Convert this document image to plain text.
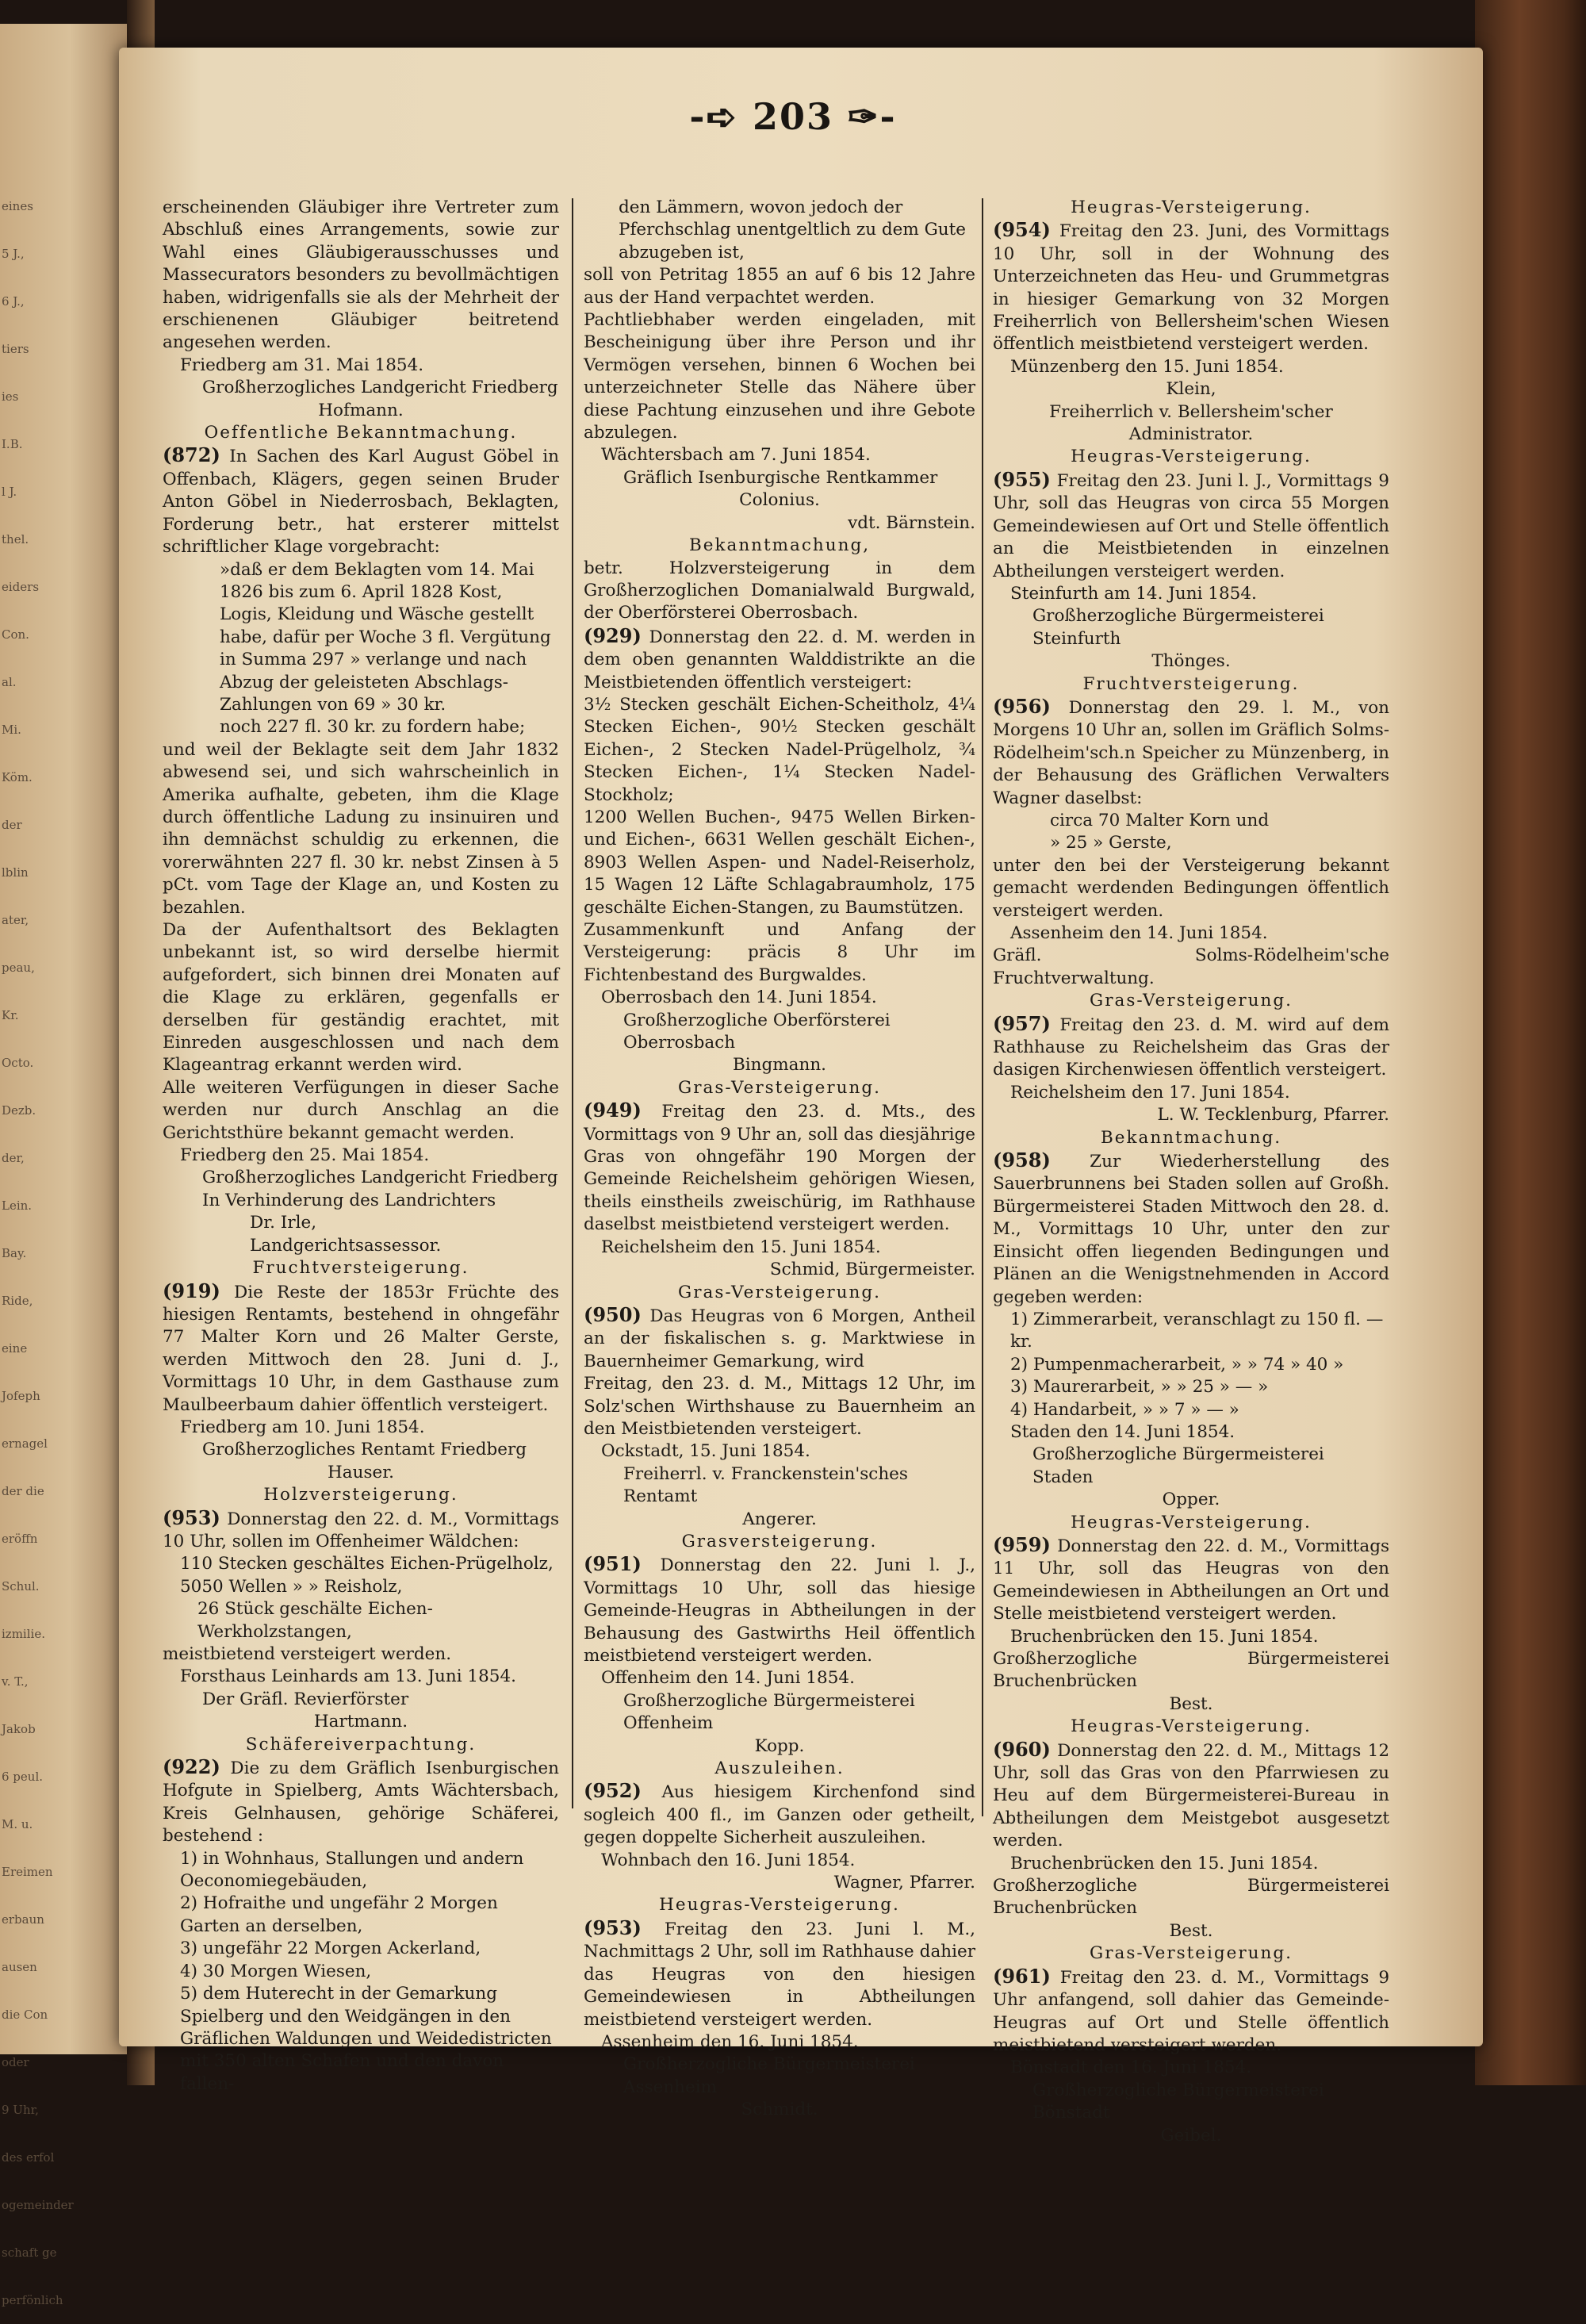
eines
5 J.,
6 J.,
tiers
ies
I.B.
l J.
thel.
eiders
Con.
al.
Mi.
Köm.
der
lblin
ater,
peau,
Kr.
Octo.
Dezb.
der,
Lein.
Bay.
Ride,
eine
Jofeph
ernagel
der die
eröffn
Schul.
izmilie.
v. T.,
Jakob
6 peul.
M. u.
Ereimen
erbaun
ausen
die Con
oder
9 Uhr,
des erfol
ogemeinder
schaft ge
perfönlich
-➪ 203 ✑-

erscheinenden Gläubiger ihre Vertreter zum Abschluß eines Arrangements, sowie zur Wahl eines Gläubigerausschusses und Massecurators besonders zu bevollmächtigen haben, widrigenfalls sie als der Mehrheit der erschienenen Gläubiger beitretend angesehen werden.

Friedberg am 31. Mai 1854.

Großherzogliches Landgericht Friedberg

Hofmann.

Oeffentliche Bekanntmachung.

(872) In Sachen des Karl August Göbel in Offenbach, Klägers, gegen seinen Bruder Anton Göbel in Niederrosbach, Beklagten, Forderung betr., hat ersterer mittelst schriftlicher Klage vorgebracht:

»daß er dem Beklagten vom 14. Mai 1826 bis zum 6. April 1828 Kost, Logis, Kleidung und Wäsche gestellt habe, dafür per Woche 3 fl. Vergütung in Summa 297 » verlange und nach Abzug der geleisteten Abschlags-Zahlungen von 69 » 30 kr.

noch 227 fl. 30 kr. zu fordern habe;

und weil der Beklagte seit dem Jahr 1832 abwesend sei, und sich wahrscheinlich in Amerika aufhalte, gebeten, ihm die Klage durch öffentliche Ladung zu insinuiren und ihn demnächst schuldig zu erkennen, die vorerwähnten 227 fl. 30 kr. nebst Zinsen à 5 pCt. vom Tage der Klage an, und Kosten zu bezahlen.

Da der Aufenthaltsort des Beklagten unbekannt ist, so wird derselbe hiermit aufgefordert, sich binnen drei Monaten auf die Klage zu erklären, gegenfalls er derselben für geständig erachtet, mit Einreden ausgeschlossen und nach dem Klageantrag erkannt werden wird.

Alle weiteren Verfügungen in dieser Sache werden nur durch Anschlag an die Gerichtsthüre bekannt gemacht werden.

Friedberg den 25. Mai 1854.

Großherzogliches Landgericht Friedberg

In Verhinderung des Landrichters

Dr. Irle,

Landgerichtsassessor.

Fruchtversteigerung.

(919) Die Reste der 1853r Früchte des hiesigen Rentamts, bestehend in ohngefähr 77 Malter Korn und 26 Malter Gerste, werden Mittwoch den 28. Juni d. J., Vormittags 10 Uhr, in dem Gasthause zum Maulbeerbaum dahier öffentlich versteigert.

Friedberg am 10. Juni 1854.

Großherzogliches Rentamt Friedberg

Hauser.

Holzversteigerung.

(953) Donnerstag den 22. d. M., Vormittags 10 Uhr, sollen im Offenheimer Wäldchen:

110 Stecken geschältes Eichen-Prügelholz,

5050 Wellen » » Reisholz,

26 Stück geschälte Eichen-Werkholzstangen,

meistbietend versteigert werden.

Forsthaus Leinhards am 13. Juni 1854.

Der Gräfl. Revierförster

Hartmann.

Schäfereiverpachtung.

(922) Die zu dem Gräflich Isenburgischen Hofgute in Spielberg, Amts Wächtersbach, Kreis Gelnhausen, gehörige Schäferei, bestehend :

1) in Wohnhaus, Stallungen und andern Oeconomiegebäuden,

2) Hofraithe und ungefähr 2 Morgen Garten an derselben,

3) ungefähr 22 Morgen Ackerland,

4) 30 Morgen Wiesen,

5) dem Huterecht in der Gemarkung Spielberg und den Weidgängen in den Gräflichen Waldungen und Weidedistricten mit 350 alten Schafen und den davon fallen-

den Lämmern, wovon jedoch der Pferchschlag unentgeltlich zu dem Gute abzugeben ist,

soll von Petritag 1855 an auf 6 bis 12 Jahre aus der Hand verpachtet werden.

Pachtliebhaber werden eingeladen, mit Bescheinigung über ihre Person und ihr Vermögen versehen, binnen 6 Wochen bei unterzeichneter Stelle das Nähere über diese Pachtung einzusehen und ihre Gebote abzulegen.

Wächtersbach am 7. Juni 1854.

Gräflich Isenburgische Rentkammer

Colonius.

vdt. Bärnstein.

Bekanntmachung,

betr. Holzversteigerung in dem Großherzoglichen Domanialwald Burgwald, der Oberförsterei Oberrosbach.

(929) Donnerstag den 22. d. M. werden in dem oben genannten Walddistrikte an die Meistbietenden öffentlich versteigert:

3½ Stecken geschält Eichen-Scheitholz, 4¼ Stecken Eichen-, 90½ Stecken geschält Eichen-, 2 Stecken Nadel-Prügelholz, ¾ Stecken Eichen-, 1¼ Stecken Nadel-Stockholz;

1200 Wellen Buchen-, 9475 Wellen Birken- und Eichen-, 6631 Wellen geschält Eichen-, 8903 Wellen Aspen- und Nadel-Reiserholz, 15 Wagen 12 Läfte Schlagabraumholz, 175 geschälte Eichen-Stangen, zu Baumstützen.

Zusammenkunft und Anfang der Versteigerung: präcis 8 Uhr im Fichtenbestand des Burgwaldes.

Oberrosbach den 14. Juni 1854.

Großherzogliche Oberförsterei Oberrosbach

Bingmann.

Gras-Versteigerung.

(949) Freitag den 23. d. Mts., des Vormittags von 9 Uhr an, soll das diesjährige Gras von ohngefähr 190 Morgen der Gemeinde Reichelsheim gehörigen Wiesen, theils einstheils zweischürig, im Rathhause daselbst meistbietend versteigert werden.

Reichelsheim den 15. Juni 1854.

Schmid, Bürgermeister.

Gras-Versteigerung.

(950) Das Heugras von 6 Morgen, Antheil an der fiskalischen s. g. Marktwiese in Bauernheimer Gemarkung, wird

Freitag, den 23. d. M., Mittags 12 Uhr, im Solz'schen Wirthshause zu Bauernheim an den Meistbietenden versteigert.

Ockstadt, 15. Juni 1854.

Freiherrl. v. Franckenstein'sches Rentamt

Angerer.

Grasversteigerung.

(951) Donnerstag den 22. Juni l. J., Vormittags 10 Uhr, soll das hiesige Gemeinde-Heugras in Abtheilungen in der Behausung des Gastwirths Heil öffentlich meistbietend versteigert werden.

Offenheim den 14. Juni 1854.

Großherzogliche Bürgermeisterei Offenheim

Kopp.

Auszuleihen.

(952) Aus hiesigem Kirchenfond sind sogleich 400 fl., im Ganzen oder getheilt, gegen doppelte Sicherheit auszuleihen.

Wohnbach den 16. Juni 1854.

Wagner, Pfarrer.

Heugras-Versteigerung.

(953) Freitag den 23. Juni l. M., Nachmittags 2 Uhr, soll im Rathhause dahier das Heugras von den hiesigen Gemeindewiesen in Abtheilungen meistbietend versteigert werden.

Assenheim den 16. Juni 1854.

Großherzogliche Bürgermeisterei Assenheim

Schmidt.

Heugras-Versteigerung.

(954) Freitag den 23. Juni, des Vormittags 10 Uhr, soll in der Wohnung des Unterzeichneten das Heu- und Grummetgras in hiesiger Gemarkung von 32 Morgen Freiherrlich von Bellersheim'schen Wiesen öffentlich meistbietend versteigert werden.

Münzenberg den 15. Juni 1854.

Klein,

Freiherrlich v. Bellersheim'scher Administrator.

Heugras-Versteigerung.

(955) Freitag den 23. Juni l. J., Vormittags 9 Uhr, soll das Heugras von circa 55 Morgen Gemeindewiesen auf Ort und Stelle öffentlich an die Meistbietenden in einzelnen Abtheilungen versteigert werden.

Steinfurth am 14. Juni 1854.

Großherzogliche Bürgermeisterei Steinfurth

Thönges.

Fruchtversteigerung.

(956) Donnerstag den 29. l. M., von Morgens 10 Uhr an, sollen im Gräflich Solms-Rödelheim'sch.n Speicher zu Münzenberg, in der Behausung des Gräflichen Verwalters Wagner daselbst:

circa 70 Malter Korn und

» 25 » Gerste,

unter den bei der Versteigerung bekannt gemacht werdenden Bedingungen öffentlich versteigert werden.

Assenheim den 14. Juni 1854.

Gräfl. Solms-Rödelheim'sche Fruchtverwaltung.

Gras-Versteigerung.

(957) Freitag den 23. d. M. wird auf dem Rathhause zu Reichelsheim das Gras der dasigen Kirchenwiesen öffentlich versteigert.

Reichelsheim den 17. Juni 1854.

L. W. Tecklenburg, Pfarrer.

Bekanntmachung.

(958) Zur Wiederherstellung des Sauerbrunnens bei Staden sollen auf Großh. Bürgermeisterei Staden Mittwoch den 28. d. M., Vormittags 10 Uhr, unter den zur Einsicht offen liegenden Bedingungen und Plänen an die Wenigstnehmenden in Accord gegeben werden:

1) Zimmerarbeit, veranschlagt zu 150 fl. — kr.

2) Pumpenmacherarbeit, » » 74 » 40 »

3) Maurerarbeit, » » 25 » — »

4) Handarbeit, » » 7 » — »

Staden den 14. Juni 1854.

Großherzogliche Bürgermeisterei Staden

Opper.

Heugras-Versteigerung.

(959) Donnerstag den 22. d. M., Vormittags 11 Uhr, soll das Heugras von den Gemeindewiesen in Abtheilungen an Ort und Stelle meistbietend versteigert werden.

Bruchenbrücken den 15. Juni 1854.

Großherzogliche Bürgermeisterei Bruchenbrücken

Best.

Heugras-Versteigerung.

(960) Donnerstag den 22. d. M., Mittags 12 Uhr, soll das Gras von den Pfarrwiesen zu Heu auf dem Bürgermeisterei-Bureau in Abtheilungen dem Meistgebot ausgesetzt werden.

Bruchenbrücken den 15. Juni 1854.

Großherzogliche Bürgermeisterei Bruchenbrücken

Best.

Gras-Versteigerung.

(961) Freitag den 23. d. M., Vormittags 9 Uhr anfangend, soll dahier das Gemeinde-Heugras auf Ort und Stelle öffentlich meistbietend versteigert werden.

Bönstadt den 16. Juni 1854.

Großherzogliche Bürgermeisterei Bönstadt

Geibel.
